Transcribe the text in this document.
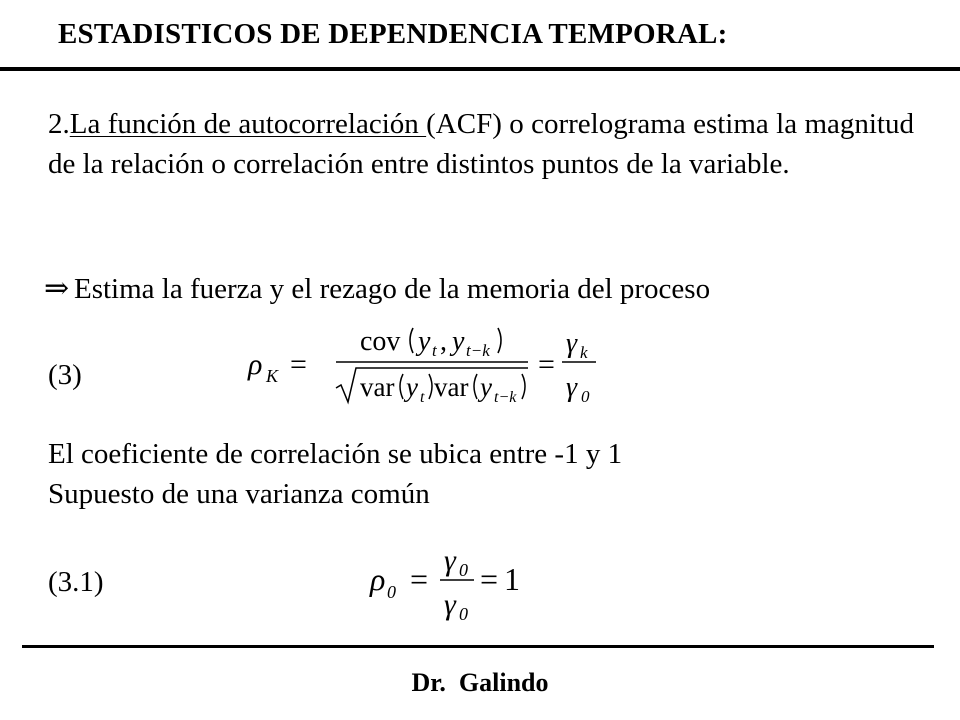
ESTADISTICOS DE DEPENDENCIA TEMPORAL:
2.La función de autocorrelación (ACF) o correlograma estima la magnitud de la relación o correlación entre distintos puntos de la variable.
⇒ Estima la fuerza y el rezago de la memoria del proceso
(3)	ρ K =
cov y t , y t−k
var y t var y t−k
=
γ k
γ 0
El coeficiente de correlación se ubica entre -1 y 1
Supuesto de una varianza común
(3.1)	ρ 0 =
γ 0
γ 0
= 1
Dr.  Galindo
